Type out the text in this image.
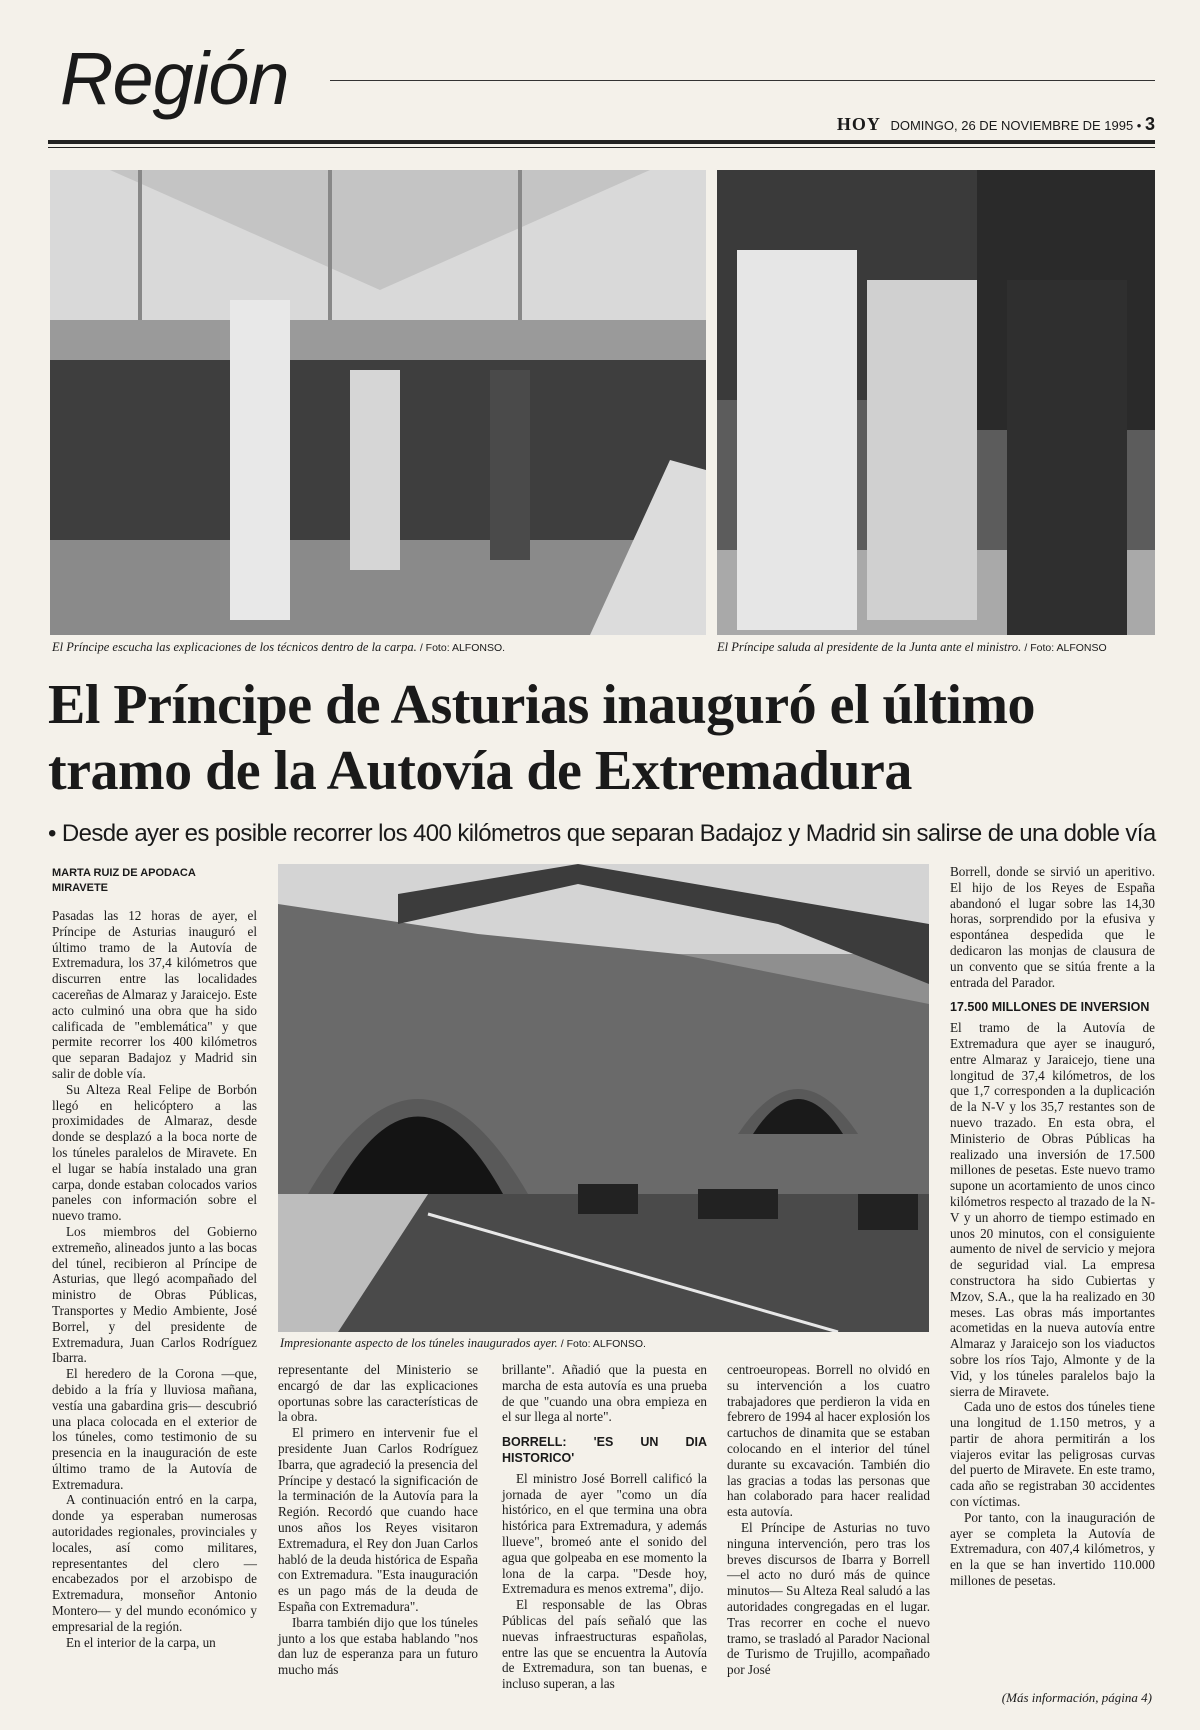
Región
HOY DOMINGO, 26 DE NOVIEMBRE DE 1995 • 3
El Príncipe escucha las explicaciones de los técnicos dentro de la carpa. / Foto: ALFONSO.	El Príncipe saluda al presidente de la Junta ante el ministro. / Foto: ALFONSO
El Príncipe de Asturias inauguró el último tramo de la Autovía de Extremadura
• Desde ayer es posible recorrer los 400 kilómetros que separan Badajoz y Madrid sin salirse de una doble vía
MARTA RUIZ DE APODACA
MIRAVETE

Pasadas las 12 horas de ayer, el Príncipe de Asturias inauguró el último tramo de la Autovía de Extremadura, los 37,4 kilómetros que discurren entre las localidades cacereñas de Almaraz y Jaraicejo. Este acto culminó una obra que ha sido calificada de "emblemática" y que permite recorrer los 400 kilómetros que separan Badajoz y Madrid sin salir de doble vía.

Su Alteza Real Felipe de Borbón llegó en helicóptero a las proximidades de Almaraz, desde donde se desplazó a la boca norte de los túneles paralelos de Miravete. En el lugar se había instalado una gran carpa, donde estaban colocados varios paneles con información sobre el nuevo tramo.

Los miembros del Gobierno extremeño, alineados junto a las bocas del túnel, recibieron al Príncipe de Asturias, que llegó acompañado del ministro de Obras Públicas, Transportes y Medio Ambiente, José Borrel, y del presidente de Extremadura, Juan Carlos Rodríguez Ibarra.

El heredero de la Corona —que, debido a la fría y lluviosa mañana, vestía una gabardina gris— descubrió una placa colocada en el exterior de los túneles, como testimonio de su presencia en la inauguración de este último tramo de la Autovía de Extremadura.

A continuación entró en la carpa, donde ya esperaban numerosas autoridades regionales, provinciales y locales, así como militares, representantes del clero —encabezados por el arzobispo de Extremadura, monseñor Antonio Montero— y del mundo económico y empresarial de la región.

En el interior de la carpa, un

Impresionante aspecto de los túneles inaugurados ayer. / Foto: ALFONSO.

representante del Ministerio se encargó de dar las explicaciones oportunas sobre las características de la obra.

El primero en intervenir fue el presidente Juan Carlos Rodríguez Ibarra, que agradeció la presencia del Príncipe y destacó la significación de la terminación de la Autovía para la Región. Recordó que cuando hace unos años los Reyes visitaron Extremadura, el Rey don Juan Carlos habló de la deuda histórica de España con Extremadura. "Esta inauguración es un pago más de la deuda de España con Extremadura".

Ibarra también dijo que los túneles junto a los que estaba hablando "nos dan luz de esperanza para un futuro mucho más

brillante". Añadió que la puesta en marcha de esta autovía es una prueba de que "cuando una obra empieza en el sur llega al norte".

BORRELL: 'ES UN DIA HISTORICO'

El ministro José Borrell calificó la jornada de ayer "como un día histórico, en el que termina una obra histórica para Extremadura, y además llueve", bromeó ante el sonido del agua que golpeaba en ese momento la lona de la carpa. "Desde hoy, Extremadura es menos extrema", dijo.

El responsable de las Obras Públicas del país señaló que las nuevas infraestructuras españolas, entre las que se encuentra la Autovía de Extremadura, son tan buenas, e incluso superan, a las

centroeuropeas. Borrell no olvidó en su intervención a los cuatro trabajadores que perdieron la vida en febrero de 1994 al hacer explosión los cartuchos de dinamita que se estaban colocando en el interior del túnel durante su excavación. También dio las gracias a todas las personas que han colaborado para hacer realidad esta autovía.

El Príncipe de Asturias no tuvo ninguna intervención, pero tras los breves discursos de Ibarra y Borrell —el acto no duró más de quince minutos— Su Alteza Real saludó a las autoridades congregadas en el lugar. Tras recorrer en coche el nuevo tramo, se trasladó al Parador Nacional de Turismo de Trujillo, acompañado por José

Borrell, donde se sirvió un aperitivo. El hijo de los Reyes de España abandonó el lugar sobre las 14,30 horas, sorprendido por la efusiva y espontánea despedida que le dedicaron las monjas de clausura de un convento que se sitúa frente a la entrada del Parador.

17.500 MILLONES DE INVERSION

El tramo de la Autovía de Extremadura que ayer se inauguró, entre Almaraz y Jaraicejo, tiene una longitud de 37,4 kilómetros, de los que 1,7 corresponden a la duplicación de la N-V y los 35,7 restantes son de nuevo trazado. En esta obra, el Ministerio de Obras Públicas ha realizado una inversión de 17.500 millones de pesetas. Este nuevo tramo supone un acortamiento de unos cinco kilómetros respecto al trazado de la N-V y un ahorro de tiempo estimado en unos 20 minutos, con el consiguiente aumento de nivel de servicio y mejora de seguridad vial. La empresa constructora ha sido Cubiertas y Mzov, S.A., que la ha realizado en 30 meses. Las obras más importantes acometidas en la nueva autovía entre Almaraz y Jaraicejo son los viaductos sobre los ríos Tajo, Almonte y de la Vid, y los túneles paralelos bajo la sierra de Miravete.

Cada uno de estos dos túneles tiene una longitud de 1.150 metros, y a partir de ahora permitirán a los viajeros evitar las peligrosas curvas del puerto de Miravete. En este tramo, cada año se registraban 30 accidentes con víctimas.

Por tanto, con la inauguración de ayer se completa la Autovía de Extremadura, con 407,4 kilómetros, y en la que se han invertido 110.000 millones de pesetas.

(Más información, página 4)
